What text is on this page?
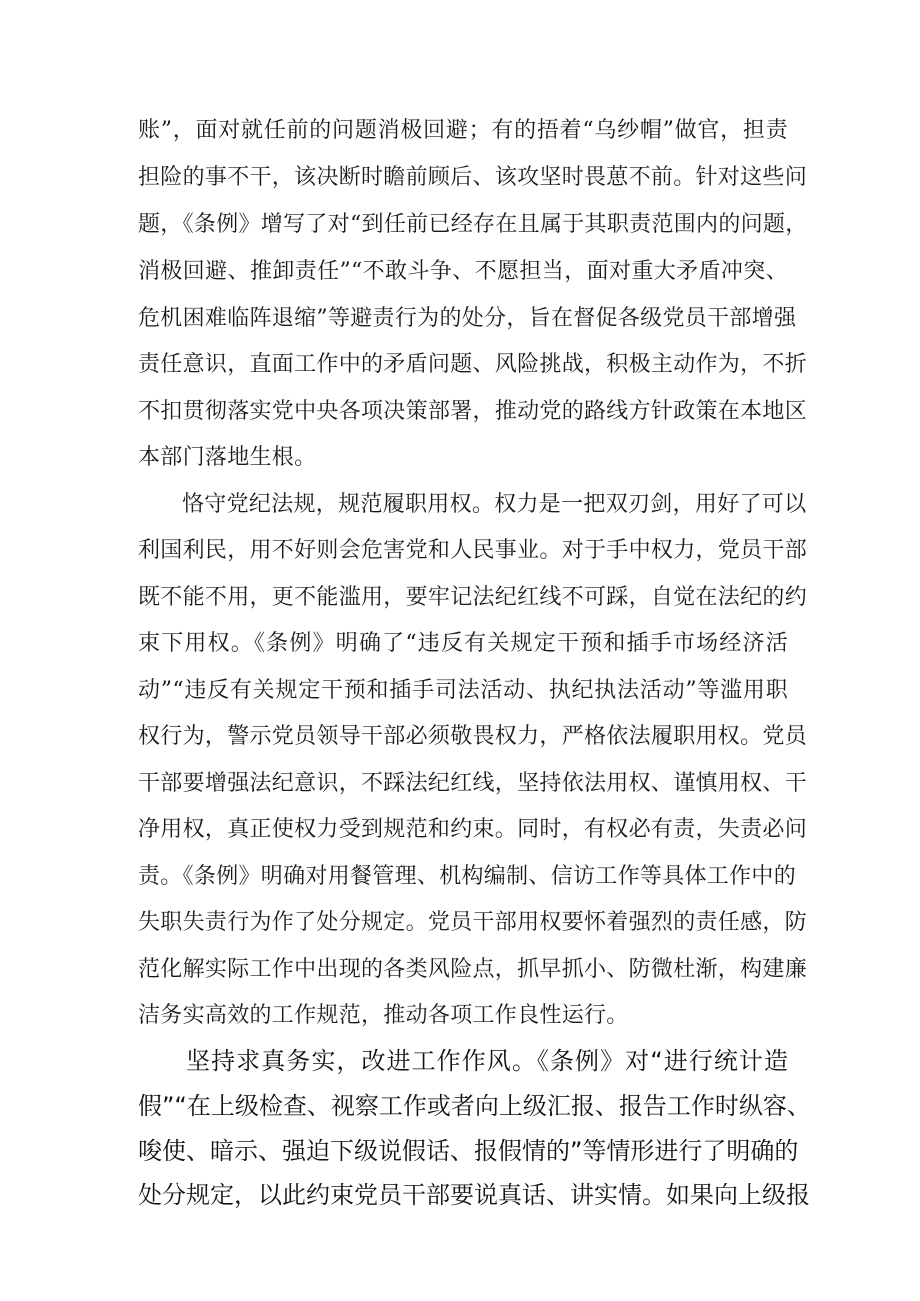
账”，面对就任前的问题消极回避；有的捂着“乌纱帽”做官，担责
担险的事不干，该决断时瞻前顾后、该攻坚时畏葸不前。针对这些问
题，《条例》增写了对“到任前已经存在且属于其职责范围内的问题，
消极回避、推卸责任”“不敢斗争、不愿担当，面对重大矛盾冲突、
危机困难临阵退缩”等避责行为的处分，旨在督促各级党员干部增强
责任意识，直面工作中的矛盾问题、风险挑战，积极主动作为，不折
不扣贯彻落实党中央各项决策部署，推动党的路线方针政策在本地区
本部门落地生根。
恪守党纪法规，规范履职用权。权力是一把双刃剑，用好了可以
利国利民，用不好则会危害党和人民事业。对于手中权力，党员干部
既不能不用，更不能滥用，要牢记法纪红线不可踩，自觉在法纪的约
束下用权。《条例》明确了“违反有关规定干预和插手市场经济活
动”“违反有关规定干预和插手司法活动、执纪执法活动”等滥用职
权行为，警示党员领导干部必须敬畏权力，严格依法履职用权。党员
干部要增强法纪意识，不踩法纪红线，坚持依法用权、谨慎用权、干
净用权，真正使权力受到规范和约束。同时，有权必有责，失责必问
责。《条例》明确对用餐管理、机构编制、信访工作等具体工作中的
失职失责行为作了处分规定。党员干部用权要怀着强烈的责任感，防
范化解实际工作中出现的各类风险点，抓早抓小、防微杜渐，构建廉
洁务实高效的工作规范，推动各项工作良性运行。
坚持求真务实，改进工作作风。《条例》对“进行统计造
假”“在上级检查、视察工作或者向上级汇报、报告工作时纵容、
唆使、暗示、强迫下级说假话、报假情的”等情形进行了明确的
处分规定，以此约束党员干部要说真话、讲实情。如果向上级报
